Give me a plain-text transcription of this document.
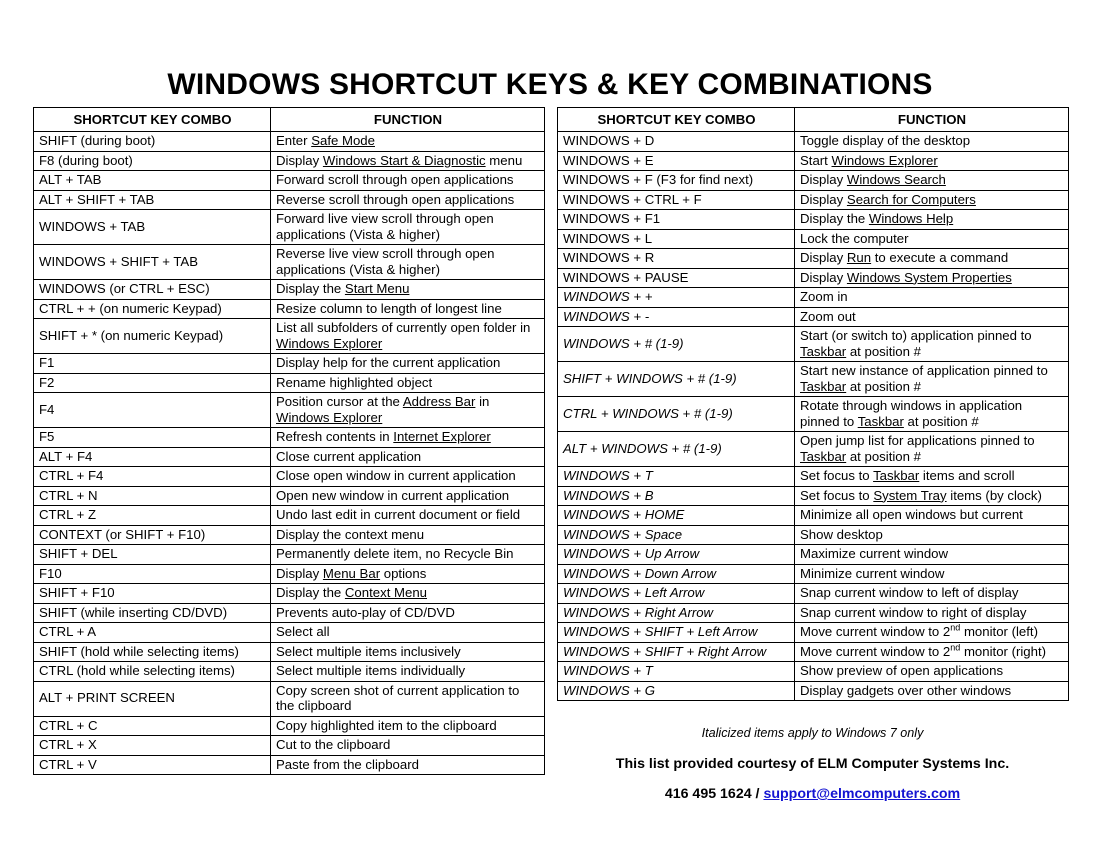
WINDOWS SHORTCUT KEYS & KEY COMBINATIONS
SHORTCUT KEY COMBO	FUNCTION
SHIFT (during boot)	Enter Safe Mode
F8 (during boot)	Display Windows Start & Diagnostic menu
ALT + TAB	Forward scroll through open applications
ALT + SHIFT + TAB	Reverse scroll through open applications
WINDOWS + TAB	Forward live view scroll through open applications (Vista & higher)
WINDOWS + SHIFT + TAB	Reverse live view scroll through open applications (Vista & higher)
WINDOWS (or CTRL + ESC)	Display the Start Menu
CTRL + + (on numeric Keypad)	Resize column to length of longest line
SHIFT + * (on numeric Keypad)	List all subfolders of currently open folder in Windows Explorer
F1	Display help for the current application
F2	Rename highlighted object
F4	Position cursor at the Address Bar in Windows Explorer
F5	Refresh contents in Internet Explorer
ALT + F4	Close current application
CTRL + F4	Close open window in current application
CTRL + N	Open new window in current application
CTRL + Z	Undo last edit in current document or field
CONTEXT (or SHIFT + F10)	Display the context menu
SHIFT + DEL	Permanently delete item, no Recycle Bin
F10	Display Menu Bar options
SHIFT + F10	Display the Context Menu
SHIFT (while inserting CD/DVD)	Prevents auto-play of CD/DVD
CTRL + A	Select all
SHIFT (hold while selecting items)	Select multiple items inclusively
CTRL (hold while selecting items)	Select multiple items individually
ALT + PRINT SCREEN	Copy screen shot of current application to the clipboard
CTRL + C	Copy highlighted item to the clipboard
CTRL + X	Cut to the clipboard
CTRL + V	Paste from the clipboard
SHORTCUT KEY COMBO	FUNCTION
WINDOWS + D	Toggle display of the desktop
WINDOWS + E	Start Windows Explorer
WINDOWS + F (F3 for find next)	Display Windows Search
WINDOWS + CTRL + F	Display Search for Computers
WINDOWS + F1	Display the Windows Help
WINDOWS + L	Lock the computer
WINDOWS + R	Display Run to execute a command
WINDOWS + PAUSE	Display Windows System Properties
WINDOWS + +	Zoom in
WINDOWS + -	Zoom out
WINDOWS + # (1-9)	Start (or switch to) application pinned to Taskbar at position #
SHIFT + WINDOWS + # (1-9)	Start new instance of application pinned to Taskbar at position #
CTRL + WINDOWS + # (1-9)	Rotate through windows in application pinned to Taskbar at position #
ALT + WINDOWS + # (1-9)	Open jump list for applications pinned to Taskbar at position #
WINDOWS + T	Set focus to Taskbar items and scroll
WINDOWS + B	Set focus to System Tray items (by clock)
WINDOWS + HOME	Minimize all open windows but current
WINDOWS + Space	Show desktop
WINDOWS + Up Arrow	Maximize current window
WINDOWS + Down Arrow	Minimize current window
WINDOWS + Left Arrow	Snap current window to left of display
WINDOWS + Right Arrow	Snap current window to right of display
WINDOWS + SHIFT + Left Arrow	Move current window to 2nd monitor (left)
WINDOWS + SHIFT + Right Arrow	Move current window to 2nd monitor (right)
WINDOWS + T	Show preview of open applications
WINDOWS + G	Display gadgets over other windows
Italicized items apply to Windows 7 only
This list provided courtesy of ELM Computer Systems Inc.
416 495 1624 / support@elmcomputers.com
